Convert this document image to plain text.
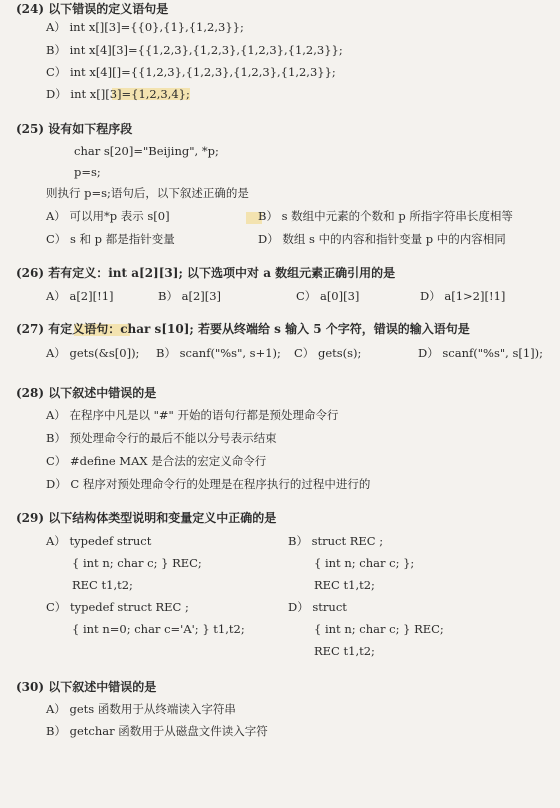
(24) 以下错误的定义语句是
A） int x[][3]={{0},{1},{1,2,3}};
B） int x[4][3]={{1,2,3},{1,2,3},{1,2,3},{1,2,3}};
C） int x[4][]={{1,2,3},{1,2,3},{1,2,3},{1,2,3}};
D） int x[][3]={1,2,3,4};
(25) 设有如下程序段
char s[20]="Beijing", *p;
p=s;
则执行 p=s;语句后，以下叙述正确的是
A） 可以用*p 表示 s[0]	B） s 数组中元素的个数和 p 所指字符串长度相等
C） s 和 p 都是指针变量	D） 数组 s 中的内容和指针变量 p 中的内容相同
(26) 若有定义：int a[2][3]; 以下选项中对 a 数组元素正确引用的是
A） a[2][!1]	B） a[2][3]	C） a[0][3]	D） a[1>2][!1]
(27) 有定义语句：char s[10]; 若要从终端给 s 输入 5 个字符，错误的输入语句是
A） gets(&s[0]); B） scanf("%s", s+1); C） gets(s);	D） scanf("%s", s[1]);
(28) 以下叙述中错误的是
A） 在程序中凡是以 "#" 开始的语句行都是预处理命令行
B） 预处理命令行的最后不能以分号表示结束
C） #define MAX 是合法的宏定义命令行
D） C 程序对预处理命令行的处理是在程序执行的过程中进行的
(29) 以下结构体类型说明和变量定义中正确的是
A） typedef struct
{ int n; char c; } REC;
REC t1,t2;
B） struct REC ;
{ int n; char c; };
REC t1,t2;
C） typedef struct REC ;
{ int n=0; char c='A'; } t1,t2;
D） struct
{ int n; char c; } REC;
REC t1,t2;
(30) 以下叙述中错误的是
A） gets 函数用于从终端读入字符串
B） getchar 函数用于从磁盘文件读入字符
